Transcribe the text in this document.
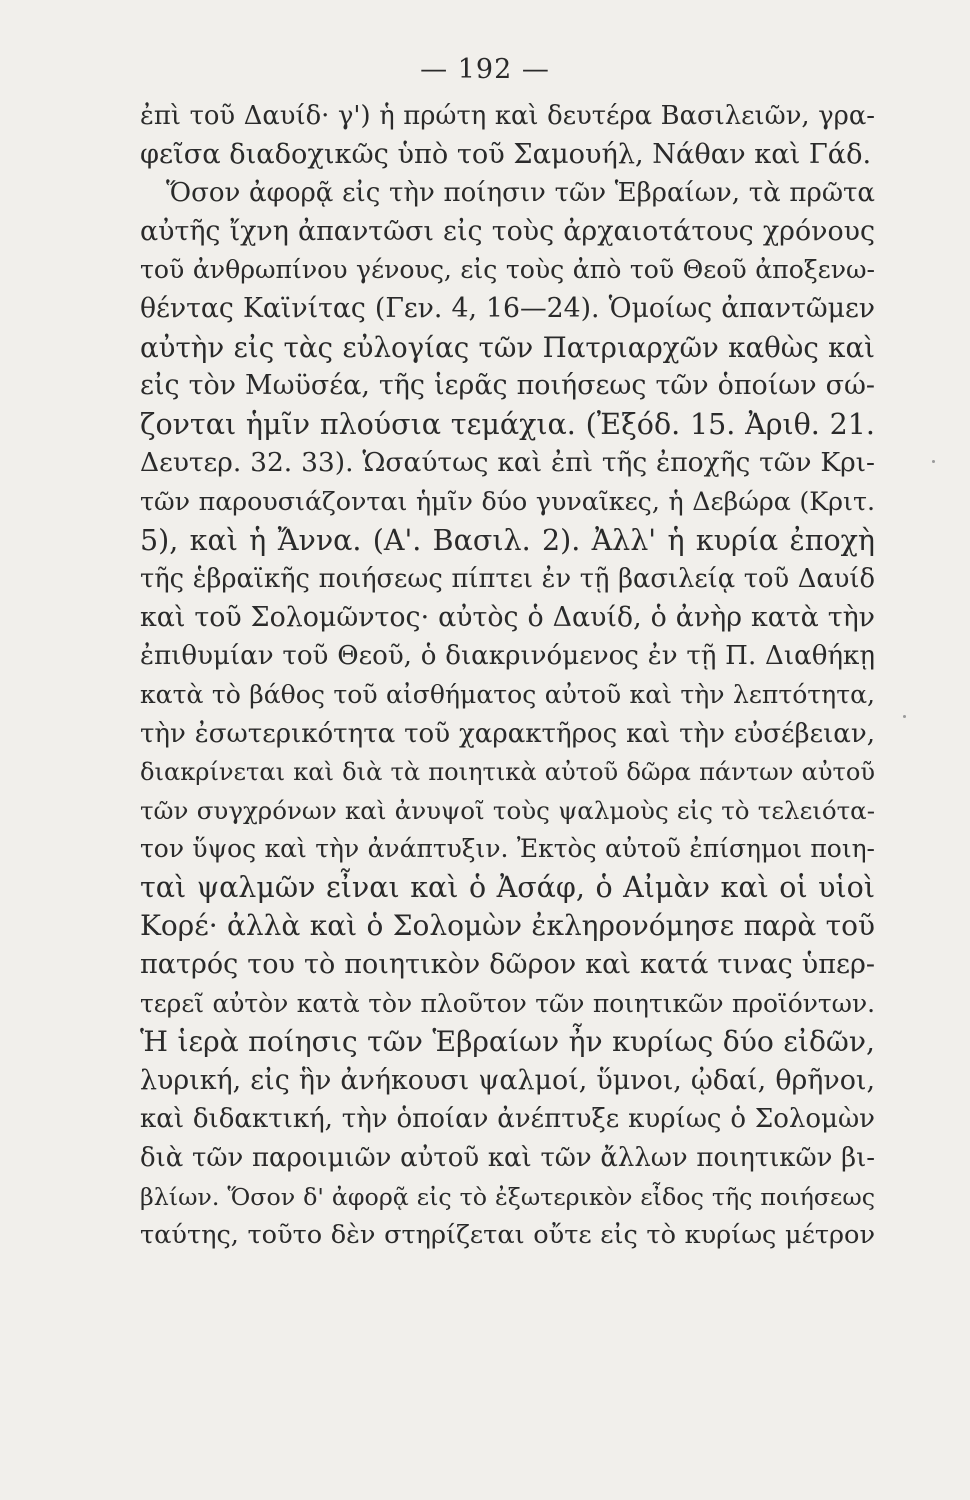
— 192 —
ἐπὶ τοῦ Δαυίδ· γ') ἡ πρώτη καὶ δευτέρα Βασιλειῶν, γρα-
φεῖσα διαδοχικῶς ὑπὸ τοῦ Σαμουήλ, Νάθαν καὶ Γάδ.
Ὅσον ἀφορᾷ εἰς τὴν ποίησιν τῶν Ἑβραίων, τὰ πρῶτα
αὐτῆς ἴχνη ἀπαντῶσι εἰς τοὺς ἀρχαιοτάτους χρόνους
τοῦ ἀνθρωπίνου γένους, εἰς τοὺς ἀπὸ τοῦ Θεοῦ ἀποξενω-
θέντας Καϊνίτας (Γεν. 4, 16—24). Ὁμοίως ἀπαντῶμεν
αὐτὴν εἰς τὰς εὐλογίας τῶν Πατριαρχῶν καθὼς καὶ
εἰς τὸν Μωϋσέα, τῆς ἱερᾶς ποιήσεως τῶν ὁποίων σώ-
ζονται ἡμῖν πλούσια τεμάχια. (Ἐξόδ. 15. Ἀριθ. 21.
Δευτερ. 32. 33). Ὡσαύτως καὶ ἐπὶ τῆς ἐποχῆς τῶν Κρι-
τῶν παρουσιάζονται ἡμῖν δύο γυναῖκες, ἡ Δεβώρα (Κριτ.
5), καὶ ἡ Ἄννα. (Α'. Βασιλ. 2). Ἀλλ' ἡ κυρία ἐποχὴ
τῆς ἑβραϊκῆς ποιήσεως πίπτει ἐν τῇ βασιλείᾳ τοῦ Δαυίδ
καὶ τοῦ Σολομῶντος· αὐτὸς ὁ Δαυίδ, ὁ ἀνὴρ κατὰ τὴν
ἐπιθυμίαν τοῦ Θεοῦ, ὁ διακρινόμενος ἐν τῇ Π. Διαθήκῃ
κατὰ τὸ βάθος τοῦ αἰσθήματος αὐτοῦ καὶ τὴν λεπτότητα,
τὴν ἐσωτερικότητα τοῦ χαρακτῆρος καὶ τὴν εὐσέβειαν,
διακρίνεται καὶ διὰ τὰ ποιητικὰ αὐτοῦ δῶρα πάντων αὐτοῦ
τῶν συγχρόνων καὶ ἀνυψοῖ τοὺς ψαλμοὺς εἰς τὸ τελειότα-
τον ὕψος καὶ τὴν ἀνάπτυξιν. Ἐκτὸς αὐτοῦ ἐπίσημοι ποιη-
ταὶ ψαλμῶν εἶναι καὶ ὁ Ἀσάφ, ὁ Αἰμὰν καὶ οἱ υἱοὶ
Κορέ· ἀλλὰ καὶ ὁ Σολομὼν ἐκληρονόμησε παρὰ τοῦ
πατρός του τὸ ποιητικὸν δῶρον καὶ κατά τινας ὑπερ-
τερεῖ αὐτὸν κατὰ τὸν πλοῦτον τῶν ποιητικῶν προϊόντων.
Ἡ ἱερὰ ποίησις τῶν Ἑβραίων ἦν κυρίως δύο εἰδῶν,
λυρική, εἰς ἣν ἀνήκουσι ψαλμοί, ὕμνοι, ᾠδαί, θρῆνοι,
καὶ διδακτική, τὴν ὁποίαν ἀνέπτυξε κυρίως ὁ Σολομὼν
διὰ τῶν παροιμιῶν αὐτοῦ καὶ τῶν ἄλλων ποιητικῶν βι-
βλίων. Ὅσον δ' ἀφορᾷ εἰς τὸ ἐξωτερικὸν εἶδος τῆς ποιήσεως
ταύτης, τοῦτο δὲν στηρίζεται οὔτε εἰς τὸ κυρίως μέτρον
